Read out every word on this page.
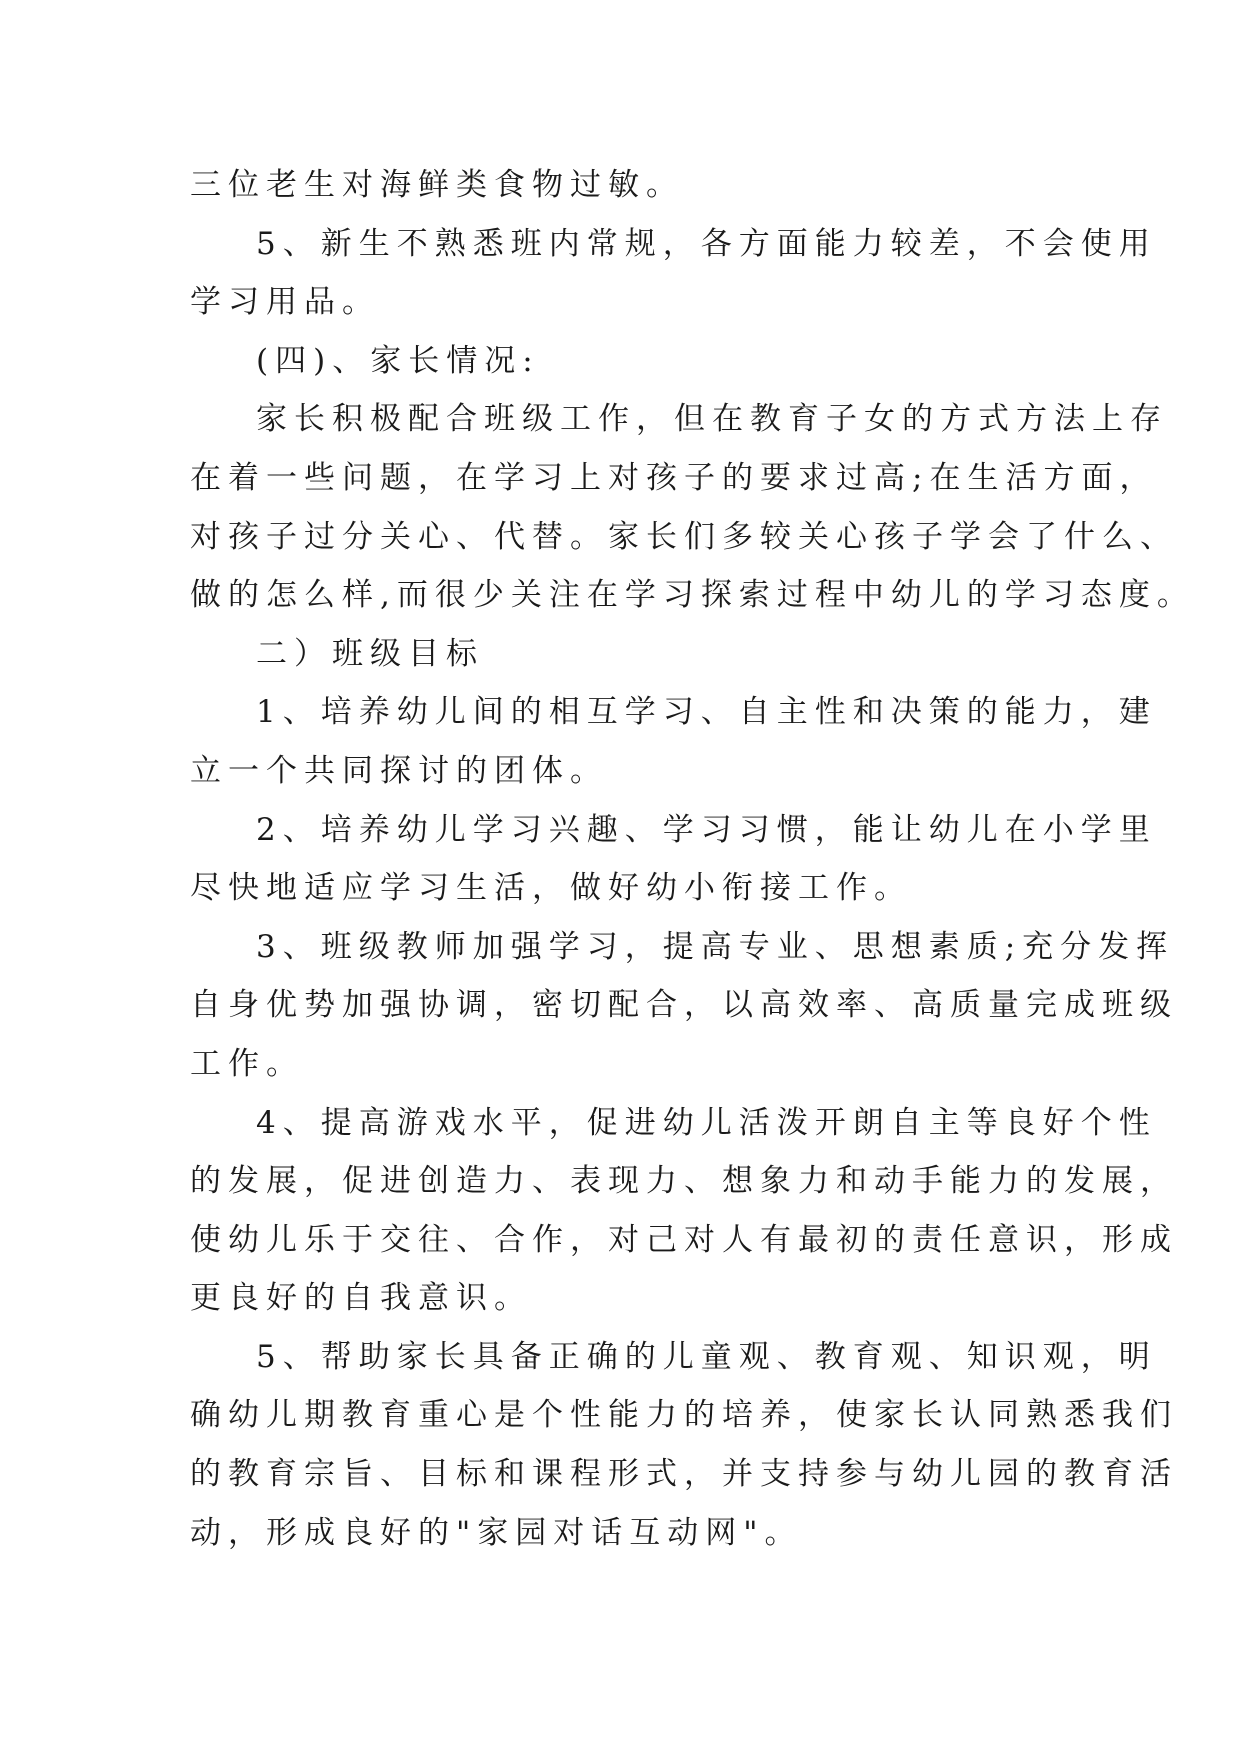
三位老生对海鲜类食物过敏。
5、新生不熟悉班内常规，各方面能力较差，不会使用
学习用品。
(四)、家长情况:
家长积极配合班级工作，但在教育子女的方式方法上存
在着一些问题，在学习上对孩子的要求过高;在生活方面，
对孩子过分关心、代替。家长们多较关心孩子学会了什么、
做的怎么样,而很少关注在学习探索过程中幼儿的学习态度。
二）班级目标
1、培养幼儿间的相互学习、自主性和决策的能力，建
立一个共同探讨的团体。
2、培养幼儿学习兴趣、学习习惯，能让幼儿在小学里
尽快地适应学习生活，做好幼小衔接工作。
3、班级教师加强学习，提高专业、思想素质;充分发挥
自身优势加强协调，密切配合，以高效率、高质量完成班级
工作。
4、提高游戏水平，促进幼儿活泼开朗自主等良好个性
的发展，促进创造力、表现力、想象力和动手能力的发展，
使幼儿乐于交往、合作，对己对人有最初的责任意识，形成
更良好的自我意识。
5、帮助家长具备正确的儿童观、教育观、知识观，明
确幼儿期教育重心是个性能力的培养，使家长认同熟悉我们
的教育宗旨、目标和课程形式，并支持参与幼儿园的教育活
动，形成良好的"家园对话互动网"。
